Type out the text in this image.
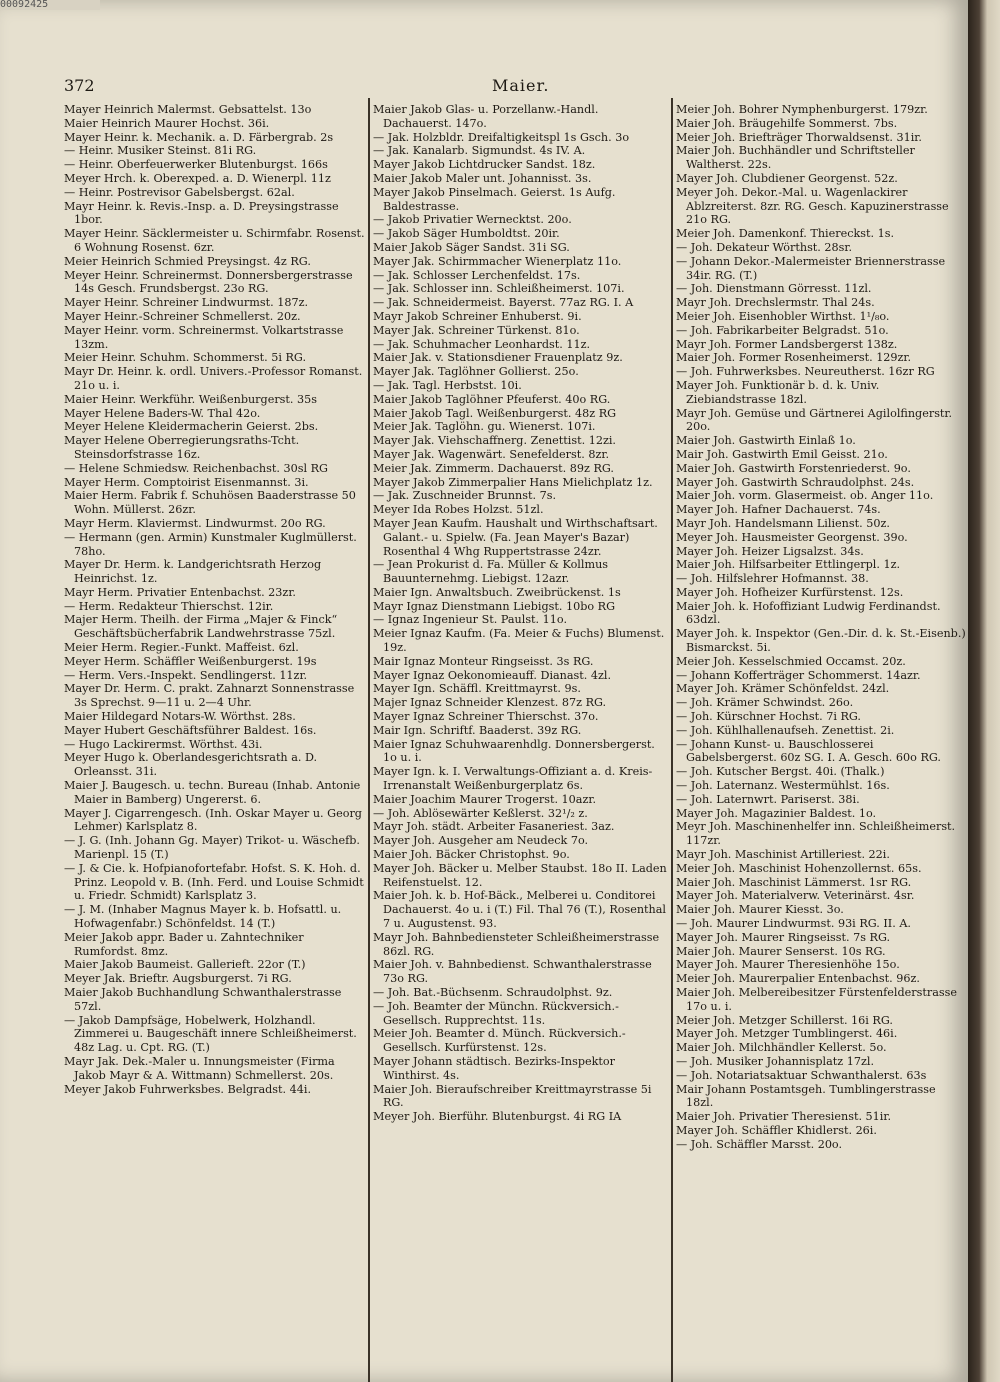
00092425
372	Maier.
Mayer Heinrich Malermst. Gebsattelst. 13o
Maier Heinrich Maurer Hochst. 36i.
Mayer Heinr. k. Mechanik. a. D. Färbergrab. 2s
— Heinr. Musiker Steinst. 81i RG.
— Heinr. Oberfeuerwerker Blutenburgst. 166s
Meyer Hrch. k. Oberexped. a. D. Wienerpl. 11z
— Heinr. Postrevisor Gabelsbergst. 62al.
Mayr Heinr. k. Revis.-Insp. a. D. Preysingstrasse 1bor.
Mayer Heinr. Säcklermeister u. Schirmfabr. Rosenst. 6 Wohnung Rosenst. 6zr.
Meier Heinrich Schmied Preysingst. 4z RG.
Meyer Heinr. Schreinermst. Donnersbergerstrasse 14s Gesch. Frundsbergst. 23o RG.
Mayer Heinr. Schreiner Lindwurmst. 187z.
Mayer Heinr.-Schreiner Schmellerst. 20z.
Mayer Heinr. vorm. Schreinermst. Volkartstrasse 13zm.
Meier Heinr. Schuhm. Schommerst. 5i RG.
Mayr Dr. Heinr. k. ordl. Univers.-Professor Romanst. 21o u. i.
Maier Heinr. Werkführ. Weißenburgerst. 35s
Mayer Helene Baders-W. Thal 42o.
Meyer Helene Kleidermacherin Geierst. 2bs.
Mayer Helene Oberregierungsraths-Tcht. Steinsdorfstrasse 16z.
— Helene Schmiedsw. Reichenbachst. 30sl RG
Mayer Herm. Comptoirist Eisenmannst. 3i.
Maier Herm. Fabrik f. Schuhösen Baaderstrasse 50 Wohn. Müllerst. 26zr.
Mayr Herm. Klaviermst. Lindwurmst. 20o RG.
— Hermann (gen. Armin) Kunstmaler Kuglmüllerst. 78ho.
Mayer Dr. Herm. k. Landgerichtsrath Herzog Heinrichst. 1z.
Mayr Herm. Privatier Entenbachst. 23zr.
— Herm. Redakteur Thierschst. 12ir.
Majer Herm. Theilh. der Firma „Majer & Finck“ Geschäftsbücherfabrik Landwehrstrasse 75zl.
Meier Herm. Regier.-Funkt. Maffeist. 6zl.
Meyer Herm. Schäffler Weißenburgerst. 19s
— Herm. Vers.-Inspekt. Sendlingerst. 11zr.
Mayer Dr. Herm. C. prakt. Zahnarzt Sonnenstrasse 3s Sprechst. 9—11 u. 2—4 Uhr.
Maier Hildegard Notars-W. Wörthst. 28s.
Mayer Hubert Geschäftsführer Baldest. 16s.
— Hugo Lackirermst. Wörthst. 43i.
Meyer Hugo k. Oberlandesgerichtsrath a. D. Orleansst. 31i.
Maier J. Baugesch. u. techn. Bureau (Inhab. Antonie Maier in Bamberg) Ungererst. 6.
Mayer J. Cigarrengesch. (Inh. Oskar Mayer u. Georg Lehmer) Karlsplatz 8.
— J. G. (Inh. Johann Gg. Mayer) Trikot- u. Wäschefb. Marienpl. 15 (T.)
— J. & Cie. k. Hofpianofortefabr. Hofst. S. K. Hoh. d. Prinz. Leopold v. B. (Inh. Ferd. und Louise Schmidt u. Friedr. Schmidt) Karlsplatz 3.
— J. M. (Inhaber Magnus Mayer k. b. Hofsattl. u. Hofwagenfabr.) Schönfeldst. 14 (T.)
Meier Jakob appr. Bader u. Zahntechniker Rumfordst. 8mz.
Maier Jakob Baumeist. Gallerieft. 22or (T.)
Meyer Jak. Brieftr. Augsburgerst. 7i RG.
Maier Jakob Buchhandlung Schwanthalerstrasse 57zl.
— Jakob Dampfsäge, Hobelwerk, Holzhandl. Zimmerei u. Baugeschäft innere Schleißheimerst. 48z Lag. u. Cpt. RG. (T.)
Mayr Jak. Dek.-Maler u. Innungsmeister (Firma Jakob Mayr & A. Wittmann) Schmellerst. 20s.
Meyer Jakob Fuhrwerksbes. Belgradst. 44i.
Maier Jakob Glas- u. Porzellanw.-Handl. Dachauerst. 147o.
— Jak. Holzbldr. Dreifaltigkeitspl 1s Gsch. 3o
— Jak. Kanalarb. Sigmundst. 4s IV. A.
Mayer Jakob Lichtdrucker Sandst. 18z.
Maier Jakob Maler unt. Johannisst. 3s.
Mayer Jakob Pinselmach. Geierst. 1s Aufg. Baldestrasse.
— Jakob Privatier Wernecktst. 20o.
— Jakob Säger Humboldtst. 20ir.
Maier Jakob Säger Sandst. 31i SG.
Mayer Jak. Schirmmacher Wienerplatz 11o.
— Jak. Schlosser Lerchenfeldst. 17s.
— Jak. Schlosser inn. Schleißheimerst. 107i.
— Jak. Schneidermeist. Bayerst. 77az RG. I. A
Mayr Jakob Schreiner Enhuberst. 9i.
Mayer Jak. Schreiner Türkenst. 81o.
— Jak. Schuhmacher Leonhardst. 11z.
Maier Jak. v. Stationsdiener Frauenplatz 9z.
Mayer Jak. Taglöhner Gollierst. 25o.
— Jak. Tagl. Herbstst. 10i.
Maier Jakob Taglöhner Pfeuferst. 40o RG.
Maier Jakob Tagl. Weißenburgerst. 48z RG
Meier Jak. Taglöhn. gu. Wienerst. 107i.
Mayer Jak. Viehschaffnerg. Zenettist. 12zi.
Mayer Jak. Wagenwärt. Senefelderst. 8zr.
Meier Jak. Zimmerm. Dachauerst. 89z RG.
Mayer Jakob Zimmerpalier Hans Mielichplatz 1z.
— Jak. Zuschneider Brunnst. 7s.
Meyer Ida Robes Holzst. 51zl.
Mayer Jean Kaufm. Haushalt und Wirthschaftsart. Galant.- u. Spielw. (Fa. Jean Mayer's Bazar) Rosenthal 4 Whg Ruppertstrasse 24zr.
— Jean Prokurist d. Fa. Müller & Kollmus Bauunternehmg. Liebigst. 12azr.
Maier Ign. Anwaltsbuch. Zweibrückenst. 1s
Mayr Ignaz Dienstmann Liebigst. 10bo RG
— Ignaz Ingenieur St. Paulst. 11o.
Meier Ignaz Kaufm. (Fa. Meier & Fuchs) Blumenst. 19z.
Mair Ignaz Monteur Ringseisst. 3s RG.
Mayer Ignaz Oekonomieauff. Dianast. 4zl.
Mayer Ign. Schäffl. Kreittmayrst. 9s.
Majer Ignaz Schneider Klenzest. 87z RG.
Mayer Ignaz Schreiner Thierschst. 37o.
Mair Ign. Schriftf. Baaderst. 39z RG.
Maier Ignaz Schuhwaarenhdlg. Donnersbergerst. 1o u. i.
Mayer Ign. k. I. Verwaltungs-Offiziant a. d. Kreis-Irrenanstalt Weißenburgerplatz 6s.
Maier Joachim Maurer Trogerst. 10azr.
— Joh. Ablösewärter Keßlerst. 32¹/₂ z.
Mayr Joh. städt. Arbeiter Fasaneriest. 3az.
Mayer Joh. Ausgeher am Neudeck 7o.
Maier Joh. Bäcker Christophst. 9o.
Mayer Joh. Bäcker u. Melber Staubst. 18o II. Laden Reifenstuelst. 12.
Maier Joh. k. b. Hof-Bäck., Melberei u. Conditorei Dachauerst. 4o u. i (T.) Fil. Thal 76 (T.), Rosenthal 7 u. Augustenst. 93.
Mayr Joh. Bahnbediensteter Schleißheimerstrasse 86zl. RG.
Maier Joh. v. Bahnbedienst. Schwanthalerstrasse 73o RG.
— Joh. Bat.-Büchsenm. Schraudolphst. 9z.
— Joh. Beamter der Münchn. Rückversich.-Gesellsch. Rupprechtst. 11s.
Meier Joh. Beamter d. Münch. Rückversich.-Gesellsch. Kurfürstenst. 12s.
Mayer Johann städtisch. Bezirks-Inspektor Winthirst. 4s.
Maier Joh. Bieraufschreiber Kreittmayrstrasse 5i RG.
Meyer Joh. Bierführ. Blutenburgst. 4i RG IA
Meier Joh. Bohrer Nymphenburgerst. 179zr.
Maier Joh. Bräugehilfe Sommerst. 7bs.
Meier Joh. Briefträger Thorwaldsenst. 31ir.
Maier Joh. Buchhändler und Schriftsteller Waltherst. 22s.
Mayer Joh. Clubdiener Georgenst. 52z.
Meyer Joh. Dekor.-Mal. u. Wagenlackirer Ablzreiterst. 8zr. RG. Gesch. Kapuzinerstrasse 21o RG.
Meier Joh. Damenkonf. Thiereckst. 1s.
— Joh. Dekateur Wörthst. 28sr.
— Johann Dekor.-Malermeister Briennerstrasse 34ir. RG. (T.)
— Joh. Dienstmann Görresst. 11zl.
Mayr Joh. Drechslermstr. Thal 24s.
Meier Joh. Eisenhobler Wirthst. 1¹/₈o.
— Joh. Fabrikarbeiter Belgradst. 51o.
Mayr Joh. Former Landsbergerst 138z.
Maier Joh. Former Rosenheimerst. 129zr.
— Joh. Fuhrwerksbes. Neureutherst. 16zr RG
Mayer Joh. Funktionär b. d. k. Univ. Ziebiandstrasse 18zl.
Mayr Joh. Gemüse und Gärtnerei Agilolfingerstr. 20o.
Maier Joh. Gastwirth Einlaß 1o.
Mair Joh. Gastwirth Emil Geisst. 21o.
Maier Joh. Gastwirth Forstenriederst. 9o.
Mayer Joh. Gastwirth Schraudolphst. 24s.
Maier Joh. vorm. Glasermeist. ob. Anger 11o.
Mayer Joh. Hafner Dachauerst. 74s.
Mayr Joh. Handelsmann Lilienst. 50z.
Meyer Joh. Hausmeister Georgenst. 39o.
Mayer Joh. Heizer Ligsalzst. 34s.
Maier Joh. Hilfsarbeiter Ettlingerpl. 1z.
— Joh. Hilfslehrer Hofmannst. 38.
Mayer Joh. Hofheizer Kurfürstenst. 12s.
Maier Joh. k. Hofoffiziant Ludwig Ferdinandst. 63dzl.
Mayer Joh. k. Inspektor (Gen.-Dir. d. k. St.-Eisenb.) Bismarckst. 5i.
Meier Joh. Kesselschmied Occamst. 20z.
— Johann Kofferträger Schommerst. 14azr.
Mayer Joh. Krämer Schönfeldst. 24zl.
— Joh. Krämer Schwindst. 26o.
— Joh. Kürschner Hochst. 7i RG.
— Joh. Kühlhallenaufseh. Zenettist. 2i.
— Johann Kunst- u. Bauschlosserei Gabelsbergerst. 60z SG. I. A. Gesch. 60o RG.
— Joh. Kutscher Bergst. 40i. (Thalk.)
— Joh. Laternanz. Westermühlst. 16s.
— Joh. Laternwrt. Pariserst. 38i.
Mayer Joh. Magazinier Baldest. 1o.
Meyr Joh. Maschinenhelfer inn. Schleißheimerst. 117zr.
Mayr Joh. Maschinist Artilleriest. 22i.
Meier Joh. Maschinist Hohenzollernst. 65s.
Maier Joh. Maschinist Lämmerst. 1sr RG.
Mayer Joh. Materialverw. Veterinärst. 4sr.
Maier Joh. Maurer Kiesst. 3o.
— Joh. Maurer Lindwurmst. 93i RG. II. A.
Mayer Joh. Maurer Ringseisst. 7s RG.
Maier Joh. Maurer Senserst. 10s RG.
Mayer Joh. Maurer Theresienhöhe 15o.
Meier Joh. Maurerpalier Entenbachst. 96z.
Maier Joh. Melbereibesitzer Fürstenfelderstrasse 17o u. i.
Meier Joh. Metzger Schillerst. 16i RG.
Mayer Joh. Metzger Tumblingerst. 46i.
Maier Joh. Milchhändler Kellerst. 5o.
— Joh. Musiker Johannisplatz 17zl.
— Joh. Notariatsaktuar Schwanthalerst. 63s
Mair Johann Postamtsgeh. Tumblingerstrasse 18zl.
Maier Joh. Privatier Theresienst. 51ir.
Mayer Joh. Schäffler Khidlerst. 26i.
— Joh. Schäffler Marsst. 20o.
